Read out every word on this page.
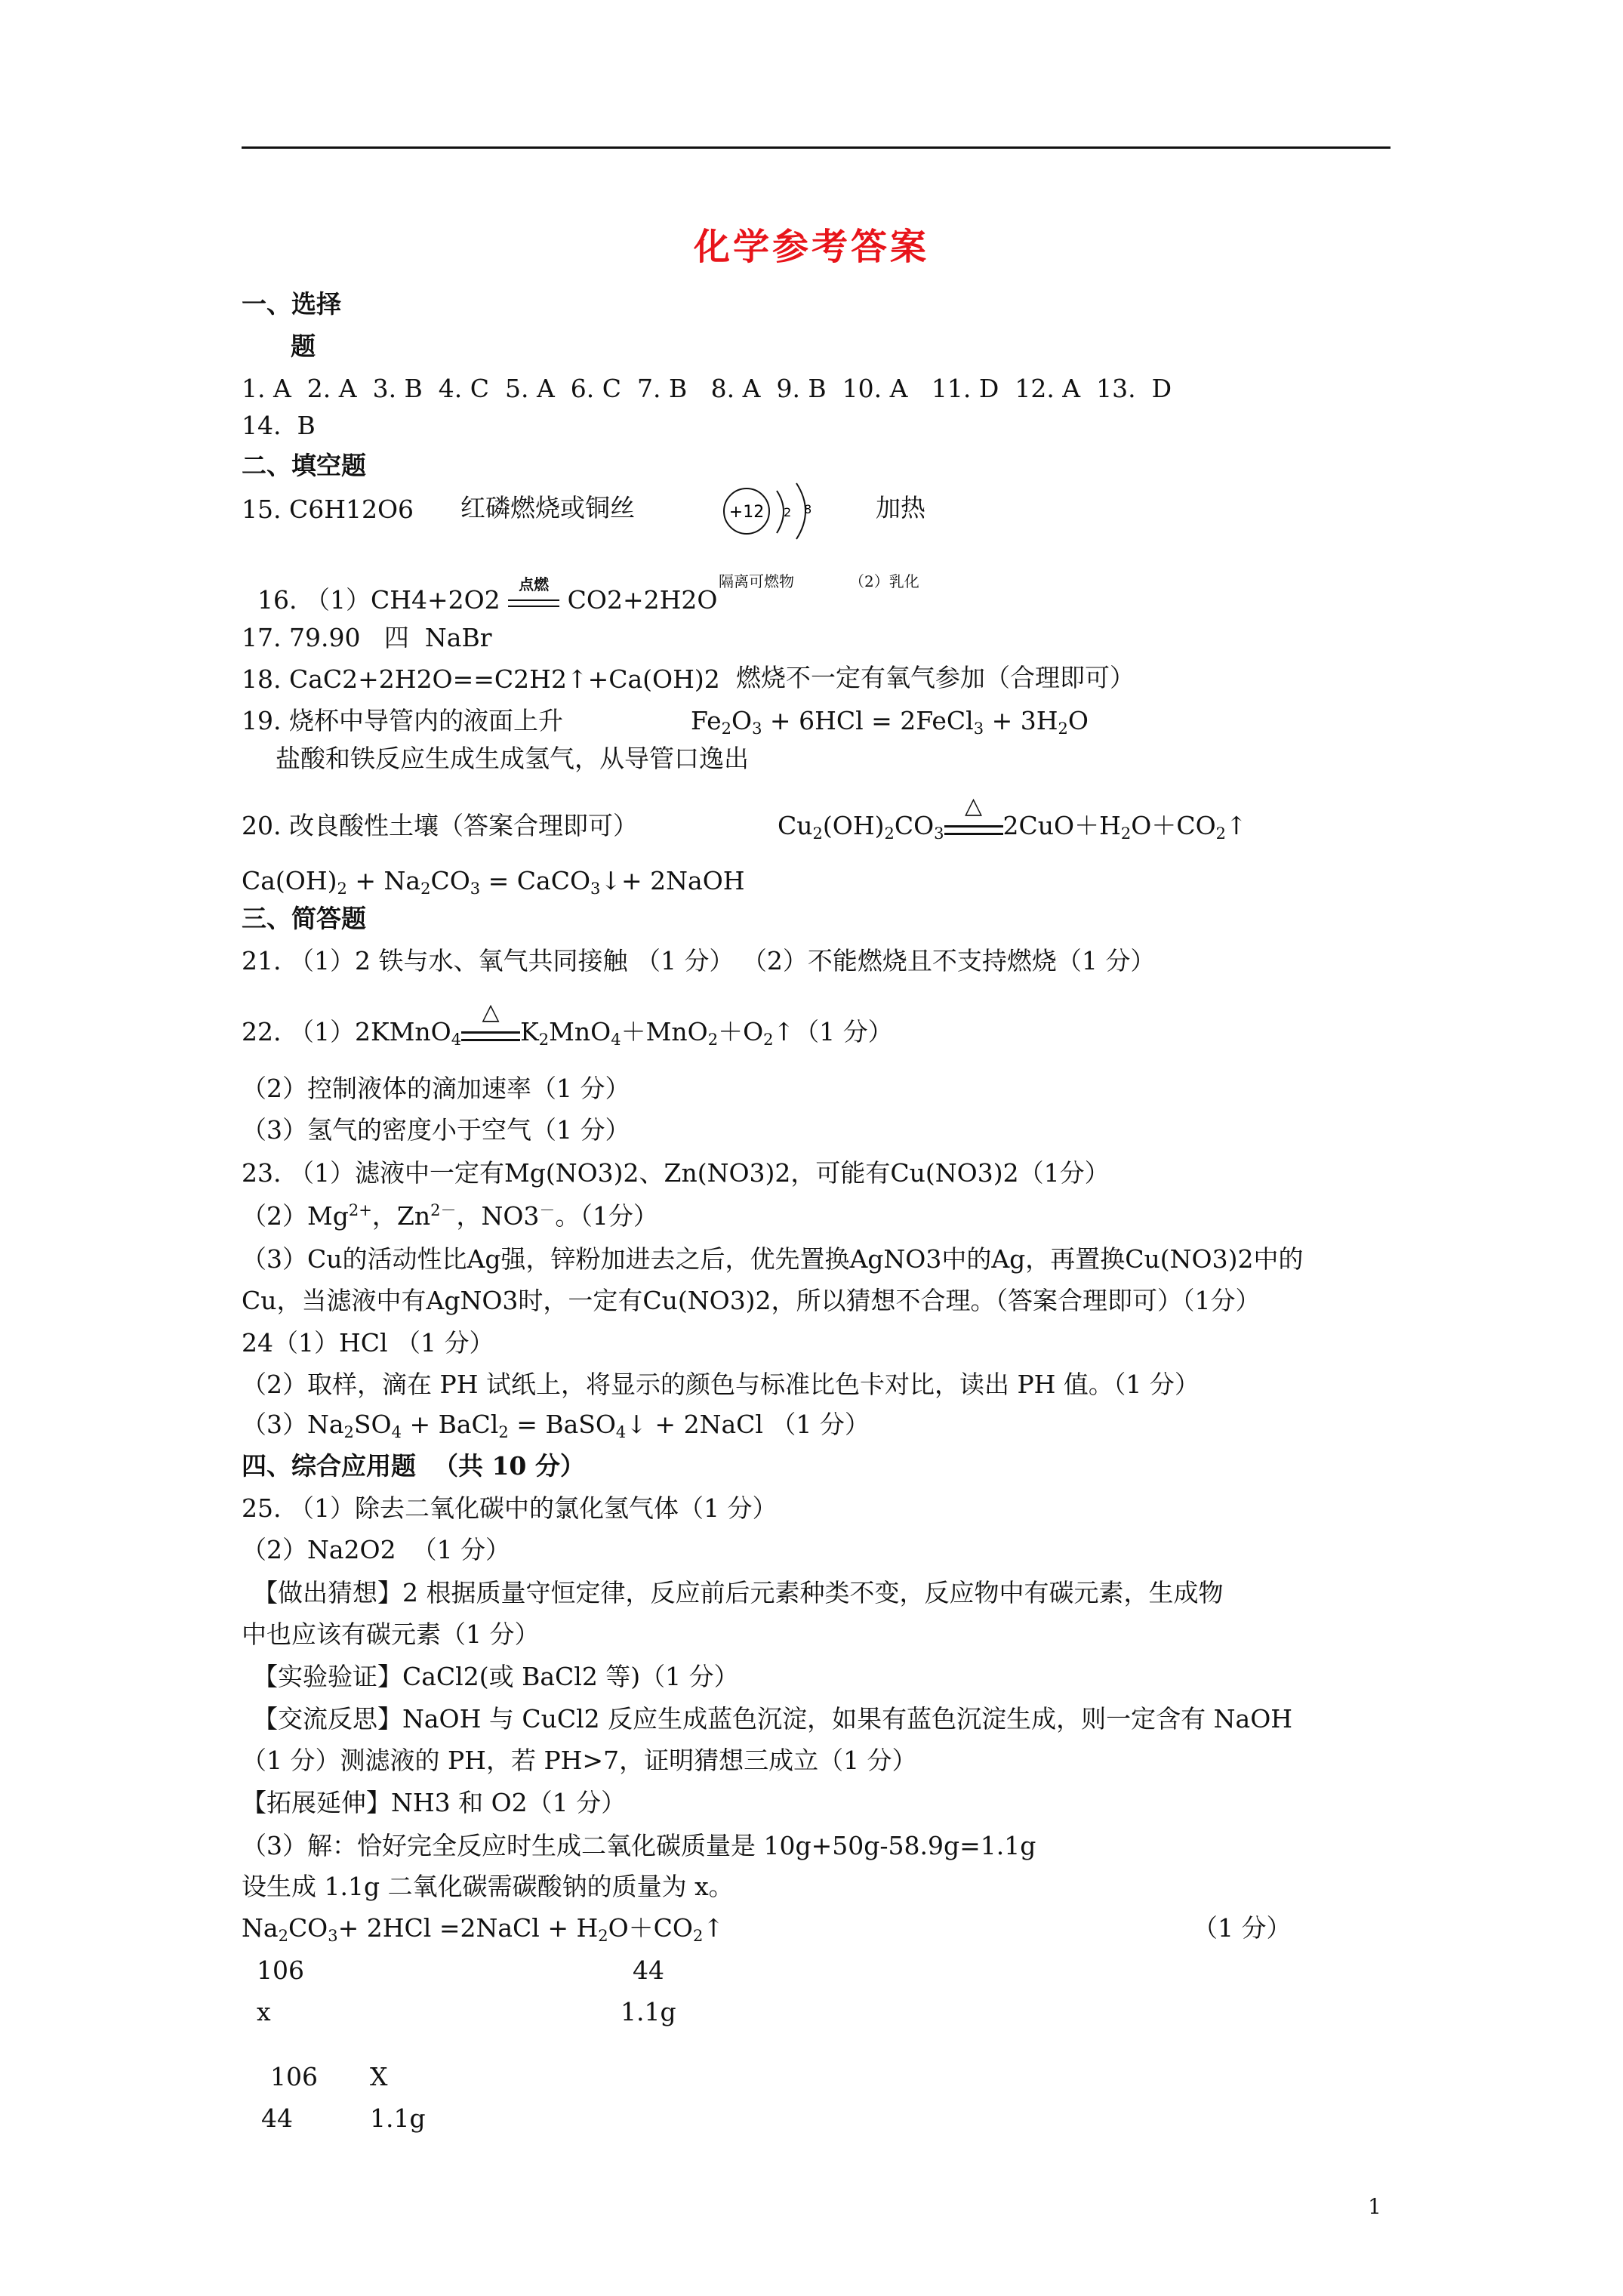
化学参考答案
一、选择
题
1. A  2. A  3. B  4. C  5. A  6. C  7. B   8. A  9. B  10. A   11. D  12. A  13.  D
14.  B
二、填空题
15. C6H12O6 红磷燃烧或铜丝	+12 2 8	加热

16. （1）CH4+2O2
点燃
CO2+2H2O

隔离可燃物	（2）乳化
17. 79.90   四  NaBr
18. CaC2+2H2O==C2H2↑+Ca(OH)2 燃烧不一定有氧气参加（合理即可）
19. 烧杯中导管内的液面上升	$Fe_2O_3 + 6HCl$ = 2FeCl$_3$ + $3H_2O$
盐酸和铁反应生成生成氢气，从导管口逸出
20. 改良酸性土壤（答案合理即可）	$Cu_2(OH)_2CO_3$
△
$2CuO+H_2O+CO_2↑$
$Ca(OH)_2 + Na_2CO_3$ = CaCO$_3$↓+ 2NaOH
三、简答题
21. （1）2 铁与水、氧气共同接触 （1 分） （2）不能燃烧且不支持燃烧（1 分）
22. （1）2KMnO$_4$
△
$K_2MnO_4+MnO_2+O_2↑(1$ 分）
（2）控制液体的滴加速率（1 分）
（3）氢气的密度小于空气（1 分）
23. （1）滤液中一定有Mg(NO3)2、Zn(NO3)2，可能有Cu(NO3)2（1分）
$(2)Mg^{2+}$，$Zn^{2-}$，NO3－。（1分）
（3）Cu的活动性比Ag强，锌粉加进去之后，优先置换AgNO3中的Ag，再置换Cu(NO3)2中的
Cu，当滤液中有AgNO3时，一定有Cu(NO3)2，所以猜想不合理。（答案合理即可）（1分）
24（1）HCl （1 分）
（2）取样，滴在 PH 试纸上，将显示的颜色与标准比色卡对比，读出 PH 值。（1 分）
$(3)Na_2SO_4$ + BaCl$_2$ = BaSO$_4$↓ + 2NaCl （1 分）
四、综合应用题  （共 10 分）
25. （1）除去二氧化碳中的氯化氢气体（1 分）
（2）Na2O2  （1 分）
【做出猜想】2 根据质量守恒定律，反应前后元素种类不变，反应物中有碳元素，生成物
中也应该有碳元素（1 分）
【实验验证】CaCl2(或 BaCl2 等)（1 分）
【交流反思】NaOH 与 CuCl2 反应生成蓝色沉淀，如果有蓝色沉淀生成，则一定含有 NaOH
（1 分）测滤液的 PH，若 PH>7，证明猜想三成立（1 分）
【拓展延伸】NH3 和 O2（1 分）
（3）解：恰好完全反应时生成二氧化碳质量是 10g+50g-58.9g=1.1g
设生成 1.1g 二氧化碳需碳酸钠的质量为 x。
$Na_2CO_3+ 2HCl$ =2NaCl + $H_2O+CO_2↑$	（1 分）
106	44
x	1.1g
106 X
44	1.1g
1
